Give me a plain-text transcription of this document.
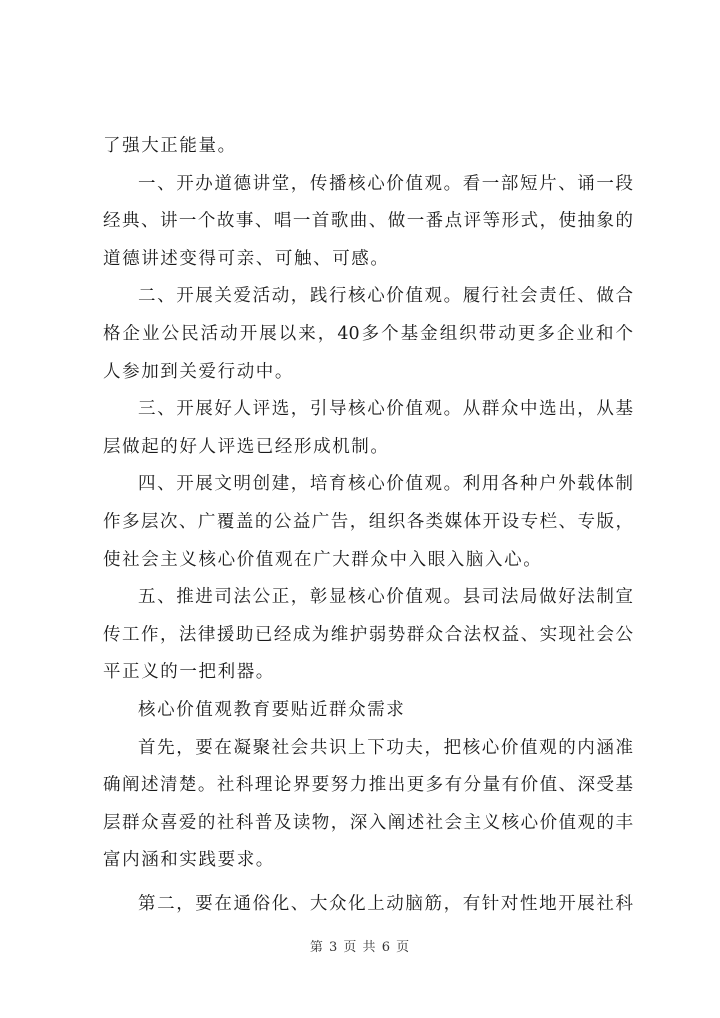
了强大正能量。
一、开办道德讲堂，传播核心价值观。看一部短片、诵一段
经典、讲一个故事、唱一首歌曲、做一番点评等形式，使抽象的
道德讲述变得可亲、可触、可感。
二、开展关爱活动，践行核心价值观。履行社会责任、做合
格企业公民活动开展以来，40多个基金组织带动更多企业和个
人参加到关爱行动中。
三、开展好人评选，引导核心价值观。从群众中选出，从基
层做起的好人评选已经形成机制。
四、开展文明创建，培育核心价值观。利用各种户外载体制
作多层次、广覆盖的公益广告，组织各类媒体开设专栏、专版，
使社会主义核心价值观在广大群众中入眼入脑入心。
五、推进司法公正，彰显核心价值观。县司法局做好法制宣
传工作，法律援助已经成为维护弱势群众合法权益、实现社会公
平正义的一把利器。
核心价值观教育要贴近群众需求
首先，要在凝聚社会共识上下功夫，把核心价值观的内涵准
确阐述清楚。社科理论界要努力推出更多有分量有价值、深受基
层群众喜爱的社科普及读物，深入阐述社会主义核心价值观的丰
富内涵和实践要求。
第二，要在通俗化、大众化上动脑筋，有针对性地开展社科
第 3 页 共 6 页
